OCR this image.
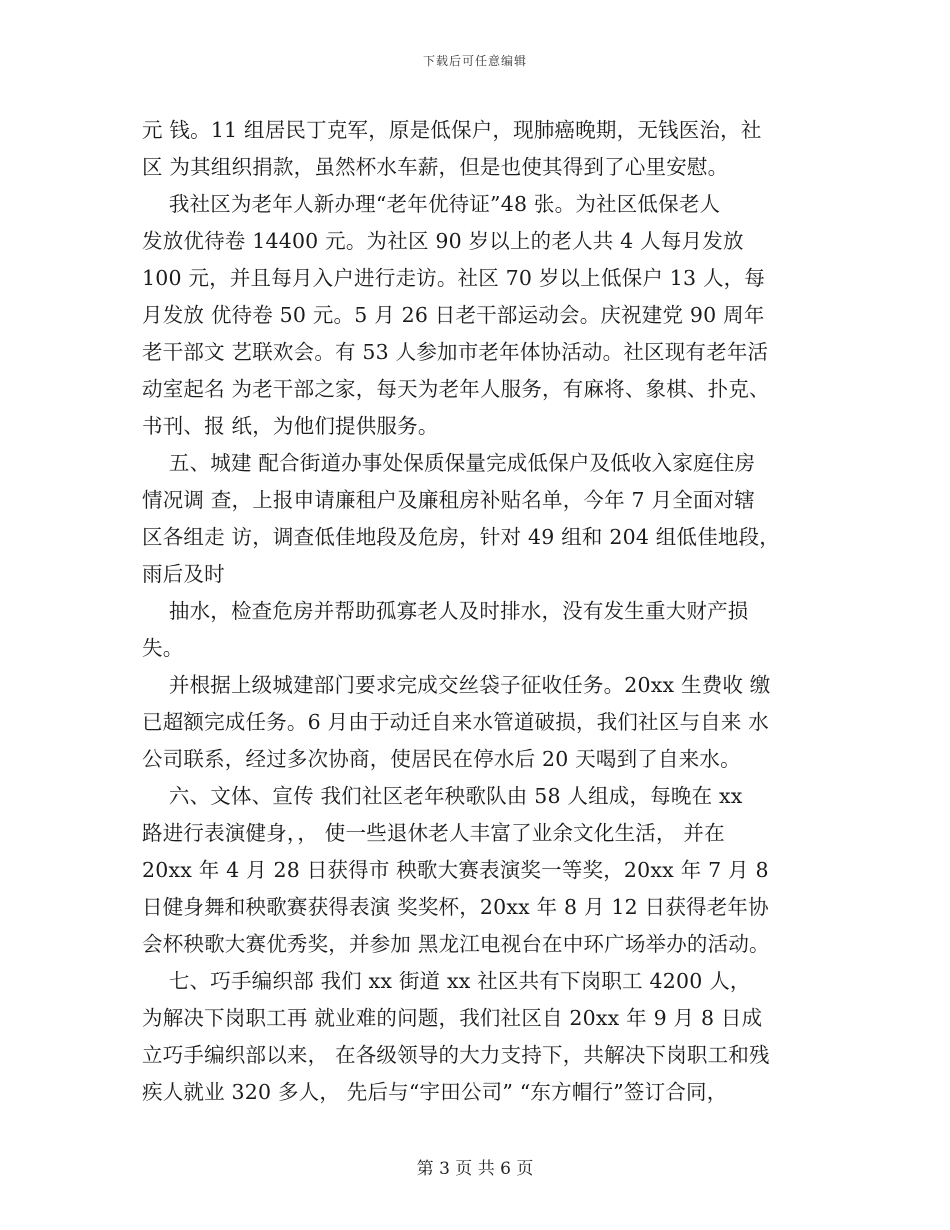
下载后可任意编辑
元 钱。11 组居民丁克军，原是低保户，现肺癌晚期，无钱医治，社
区 为其组织捐款，虽然杯水车薪，但是也使其得到了心里安慰。
我社区为老年人新办理“老年优待证”48 张。为社区低保老人
发放优待卷 14400 元。为社区 90 岁以上的老人共 4 人每月发放
100 元，并且每月入户进行走访。社区 70 岁以上低保户 13 人，每
月发放 优待卷 50 元。5 月 26 日老干部运动会。庆祝建党 90 周年
老干部文 艺联欢会。有 53 人参加市老年体协活动。社区现有老年活
动室起名 为老干部之家，每天为老年人服务，有麻将、象棋、扑克、
书刊、报 纸，为他们提供服务。
五、城建 配合街道办事处保质保量完成低保户及低收入家庭住房
情况调 查，上报申请廉租户及廉租房补贴名单，今年 7 月全面对辖
区各组走 访，调查低佳地段及危房，针对 49 组和 204 组低佳地段，
雨后及时
抽水，检查危房并帮助孤寡老人及时排水，没有发生重大财产损
失。
并根据上级城建部门要求完成交丝袋子征收任务。20xx 生费收 缴
已超额完成任务。6 月由于动迁自来水管道破损，我们社区与自来 水
公司联系，经过多次协商，使居民在停水后 20 天喝到了自来水。
六、文体、宣传 我们社区老年秧歌队由 58 人组成，每晚在 xx
路进行表演健身，， 使一些退休老人丰富了业余文化生活， 并在
20xx 年 4 月 28 日获得市 秧歌大赛表演奖一等奖，20xx 年 7 月 8
日健身舞和秧歌赛获得表演 奖奖杯，20xx 年 8 月 12 日获得老年协
会杯秧歌大赛优秀奖，并参加 黑龙江电视台在中环广场举办的活动。
七、巧手编织部 我们 xx 街道 xx 社区共有下岗职工 4200 人，
为解决下岗职工再 就业难的问题，我们社区自 20xx 年 9 月 8 日成
立巧手编织部以来， 在各级领导的大力支持下，共解决下岗职工和残
疾人就业 320 多人， 先后与“宇田公司” “东方帽行”签订合同，
第 3 页 共 6 页
